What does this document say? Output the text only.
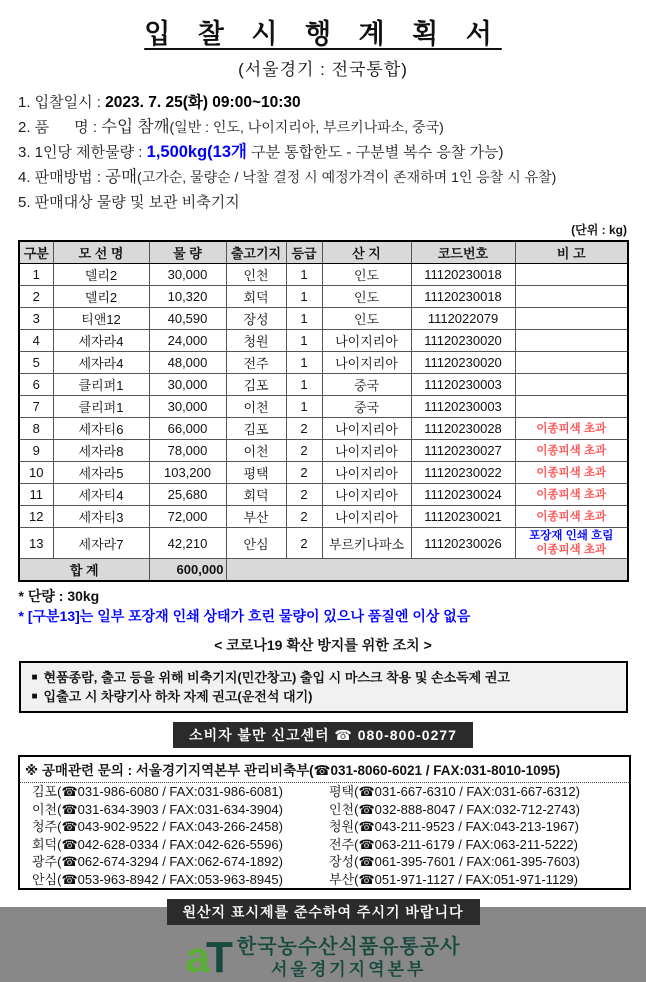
입 찰 시 행 계 획 서
(서울경기 : 전국통합)
1. 입찰일시 : 2023. 7. 25(화) 09:00~10:30
2. 품      명 : 수입 참깨(일반 : 인도, 나이지리아, 부르키나파소, 중국)
3. 1인당 제한물량 : 1,500kg(13개 구분 통합한도 - 구분별 복수 응찰 가능)
4. 판매방법 : 공매(고가순, 물량순 / 낙찰 결정 시 예정가격이 존재하며 1인 응찰 시 유찰)
5. 판매대상 물량 및 보관 비축기지
(단위 : kg)
구분	모 선 명	물 량	출고기지	등급	산 지	코드번호	비 고
1	델리2	30,000	인천	1	인도	11120230018	
2	델리2	10,320	회덕	1	인도	11120230018	
3	티앤12	40,590	장성	1	인도	1112022079	
4	세자라4	24,000	청원	1	나이지리아	11120230020	
5	세자라4	48,000	전주	1	나이지리아	11120230020	
6	클리퍼1	30,000	김포	1	중국	11120230003	
7	클리퍼1	30,000	이천	1	중국	11120230003	
8	세자티6	66,000	김포	2	나이지리아	11120230028	이종피색 초과

9	세자라8	78,000	이천	2	나이지리아	11120230027	이종피색 초과

10	세자라5	103,200	평택	2	나이지리아	11120230022	이종피색 초과

11	세자티4	25,680	회덕	2	나이지리아	11120230024	이종피색 초과

12	세자티3	72,000	부산	2	나이지리아	11120230021	이종피색 초과

13	세자라7	42,210	안심	2	부르키나파소	11120230026	포장재 인쇄 흐림
이종피색 초과

합 계		600,000					
* 단량 : 30kg
* [구분13]는 일부 포장재 인쇄 상태가 흐린 물량이 있으나 품질엔 이상 없음
< 코로나19 확산 방지를 위한 조치 >
■ 현품종람, 출고 등을 위해 비축기지(민간창고) 출입 시 마스크 착용 및 손소독제 권고
■ 입출고 시 차량기사 하차 자제 권고(운전석 대기)
소비자 불만 신고센터 ☎ 080-800-0277
※ 공매관련 문의 : 서울경기지역본부 관리비축부(☎031-8060-6021 / FAX:031-8010-1095)
김포(☎031-986-6080 / FAX:031-986-6081)	평택(☎031-667-6310 / FAX:031-667-6312)
이천(☎031-634-3903 / FAX:031-634-3904)	인천(☎032-888-8047 / FAX:032-712-2743)
청주(☎043-902-9522 / FAX:043-266-2458)	청원(☎043-211-9523 / FAX:043-213-1967)
회덕(☎042-628-0334 / FAX:042-626-5596)	전주(☎063-211-6179 / FAX:063-211-5222)
광주(☎062-674-3294 / FAX:062-674-1892)	장성(☎061-395-7601 / FAX:061-395-7603)
안심(☎053-963-8942 / FAX:053-963-8945)	부산(☎051-971-1127 / FAX:051-971-1129)
원산지 표시제를 준수하여 주시기 바랍니다
aT 한국농수산식품유통공사
서울경기지역본부
